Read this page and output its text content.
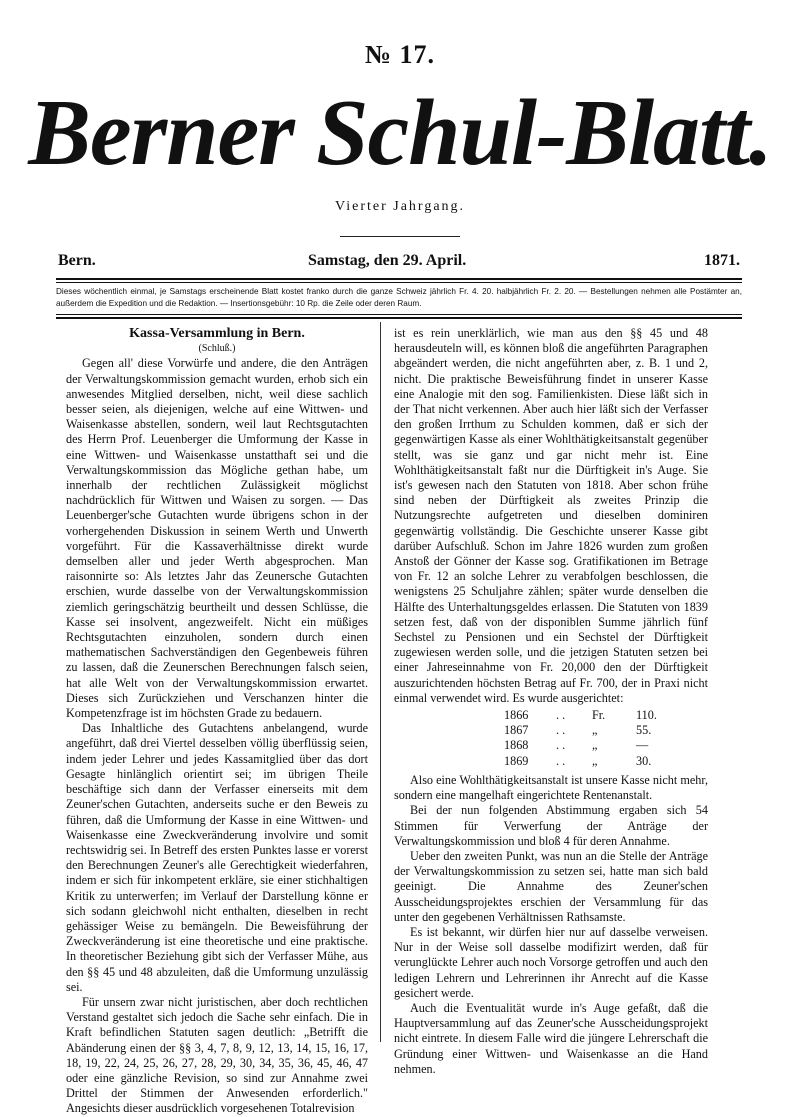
№ 17.
Berner Schul-Blatt.
Vierter Jahrgang.
Bern.	Samstag, den 29. April.	1871.
Dieses wöchentlich einmal, je Samstags erscheinende Blatt kostet franko durch die ganze Schweiz jährlich Fr. 4. 20. halbjährlich Fr. 2. 20. — Bestellungen nehmen alle Postämter an, außerdem die Expedition und die Redaktion. — Insertionsgebühr: 10 Rp. die Zeile oder deren Raum.

Kassa-Versammlung in Bern.

(Schluß.)

Gegen all' diese Vorwürfe und andere, die den Anträgen der Verwaltungskommission gemacht wurden, erhob sich ein anwesendes Mitglied derselben, nicht, weil diese sachlich besser seien, als diejenigen, welche auf eine Wittwen- und Waisenkasse abstellen, sondern, weil laut Rechtsgutachten des Herrn Prof. Leuenberger die Umformung der Kasse in eine Wittwen- und Waisenkasse unstatthaft sei und die Verwaltungskommission das Mögliche gethan habe, um innerhalb der rechtlichen Zulässigkeit möglichst nachdrücklich für Wittwen und Waisen zu sorgen. — Das Leuenberger'sche Gutachten wurde übrigens schon in der vorhergehenden Diskussion in seinem Werth und Unwerth vorgeführt. Für die Kassaverhältnisse direkt wurde demselben aller und jeder Werth abgesprochen. Man raisonnirte so: Als letztes Jahr das Zeunersche Gutachten erschien, wurde dasselbe von der Verwaltungskommission ziemlich geringschätzig beurtheilt und dessen Schlüsse, die Kasse sei insolvent, angezweifelt. Nicht ein müßiges Rechtsgutachten einzuholen, sondern durch einen mathematischen Sachverständigen den Gegenbeweis führen zu lassen, daß die Zeunerschen Berechnungen falsch seien, hat alle Welt von der Verwaltungskommission erwartet. Dieses sich Zurückziehen und Verschanzen hinter die Kompetenzfrage ist im höchsten Grade zu bedauern.

Das Inhaltliche des Gutachtens anbelangend, wurde angeführt, daß drei Viertel desselben völlig überflüssig seien, indem jeder Lehrer und jedes Kassamitglied über das dort Gesagte hinlänglich orientirt sei; im übrigen Theile beschäftige sich dann der Verfasser einerseits mit dem Zeuner'schen Gutachten, anderseits suche er den Beweis zu führen, daß die Umformung der Kasse in eine Wittwen- und Waisenkasse eine Zweckveränderung involvire und somit rechtswidrig sei. In Betreff des ersten Punktes lasse er vorerst den Berechnungen Zeuner's alle Gerechtigkeit wiederfahren, indem er sich für inkompetent erkläre, sie einer stichhaltigen Kritik zu unterwerfen; im Verlauf der Darstellung könne er sich sodann gleichwohl nicht enthalten, dieselben in recht gehässiger Weise zu bemängeln. Die Beweisführung der Zweckveränderung ist eine theoretische und eine praktische. In theoretischer Beziehung gibt sich der Verfasser Mühe, aus den §§ 45 und 48 abzuleiten, daß die Umformung unzulässig sei.

Für unsern zwar nicht juristischen, aber doch rechtlichen Verstand gestaltet sich jedoch die Sache sehr einfach. Die in Kraft befindlichen Statuten sagen deutlich: „Betrifft die Abänderung einen der §§ 3, 4, 7, 8, 9, 12, 13, 14, 15, 16, 17, 18, 19, 22, 24, 25, 26, 27, 28, 29, 30, 34, 35, 36, 45, 46, 47 oder eine gänzliche Revision, so sind zur Annahme zwei Drittel der Stimmen der Anwesenden erforderlich." Angesichts dieser ausdrücklich vorgesehenen Totalrevision

ist es rein unerklärlich, wie man aus den §§ 45 und 48 herausdeuteln will, es können bloß die angeführten Paragraphen abgeändert werden, die nicht angeführten aber, z. B. 1 und 2, nicht. Die praktische Beweisführung findet in unserer Kasse eine Analogie mit den sog. Familienkisten. Diese läßt sich in der That nicht verkennen. Aber auch hier läßt sich der Verfasser den großen Irrthum zu Schulden kommen, daß er sich der gegenwärtigen Kasse als einer Wohlthätigkeitsanstalt gegenüber stellt, was sie ganz und gar nicht mehr ist. Eine Wohlthätigkeitsanstalt faßt nur die Dürftigkeit in's Auge. Sie ist's gewesen nach den Statuten von 1818. Aber schon frühe sind neben der Dürftigkeit als zweites Prinzip die Nutzungsrechte aufgetreten und dieselben dominiren gegenwärtig vollständig. Die Geschichte unserer Kasse gibt darüber Aufschluß. Schon im Jahre 1826 wurden zum großen Anstoß der Gönner der Kasse sog. Gratifikationen im Betrage von Fr. 12 an solche Lehrer zu verabfolgen beschlossen, die wenigstens 25 Schuljahre zählen; später wurde denselben die Hälfte des Unterhaltungsgeldes erlassen. Die Statuten von 1839 setzen fest, daß von der disponiblen Summe jährlich fünf Sechstel zu Pensionen und ein Sechstel der Dürftigkeit zugewiesen werden solle, und die jetzigen Statuten setzen bei einer Jahreseinnahme von Fr. 20,000 den der Dürftigkeit auszurichtenden höchsten Betrag auf Fr. 700, der in Praxi nicht einmal verwendet wird. Es wurde ausgerichtet:

1866	. .	Fr.	110.
1867	. .	„	55.
1868	. .	„	—
1869	. .	„	30.

Also eine Wohlthätigkeitsanstalt ist unsere Kasse nicht mehr, sondern eine mangelhaft eingerichtete Rentenanstalt.

Bei der nun folgenden Abstimmung ergaben sich 54 Stimmen für Verwerfung der Anträge der Verwaltungskommission und bloß 4 für deren Annahme.

Ueber den zweiten Punkt, was nun an die Stelle der Anträge der Verwaltungskommission zu setzen sei, hatte man sich bald geeinigt. Die Annahme des Zeuner'schen Ausscheidungsprojektes erschien der Versammlung für das unter den gegebenen Verhältnissen Rathsamste.

Es ist bekannt, wir dürfen hier nur auf dasselbe verweisen. Nur in der Weise soll dasselbe modifizirt werden, daß für verunglückte Lehrer auch noch Vorsorge getroffen und auch den ledigen Lehrern und Lehrerinnen ihr Anrecht auf die Kasse gesichert werde.

Auch die Eventualität wurde in's Auge gefaßt, daß die Hauptversammlung auf das Zeuner'sche Ausscheidungsprojekt nicht eintrete. In diesem Falle wird die jüngere Lehrerschaft die Gründung einer Wittwen- und Waisenkasse an die Hand nehmen.
